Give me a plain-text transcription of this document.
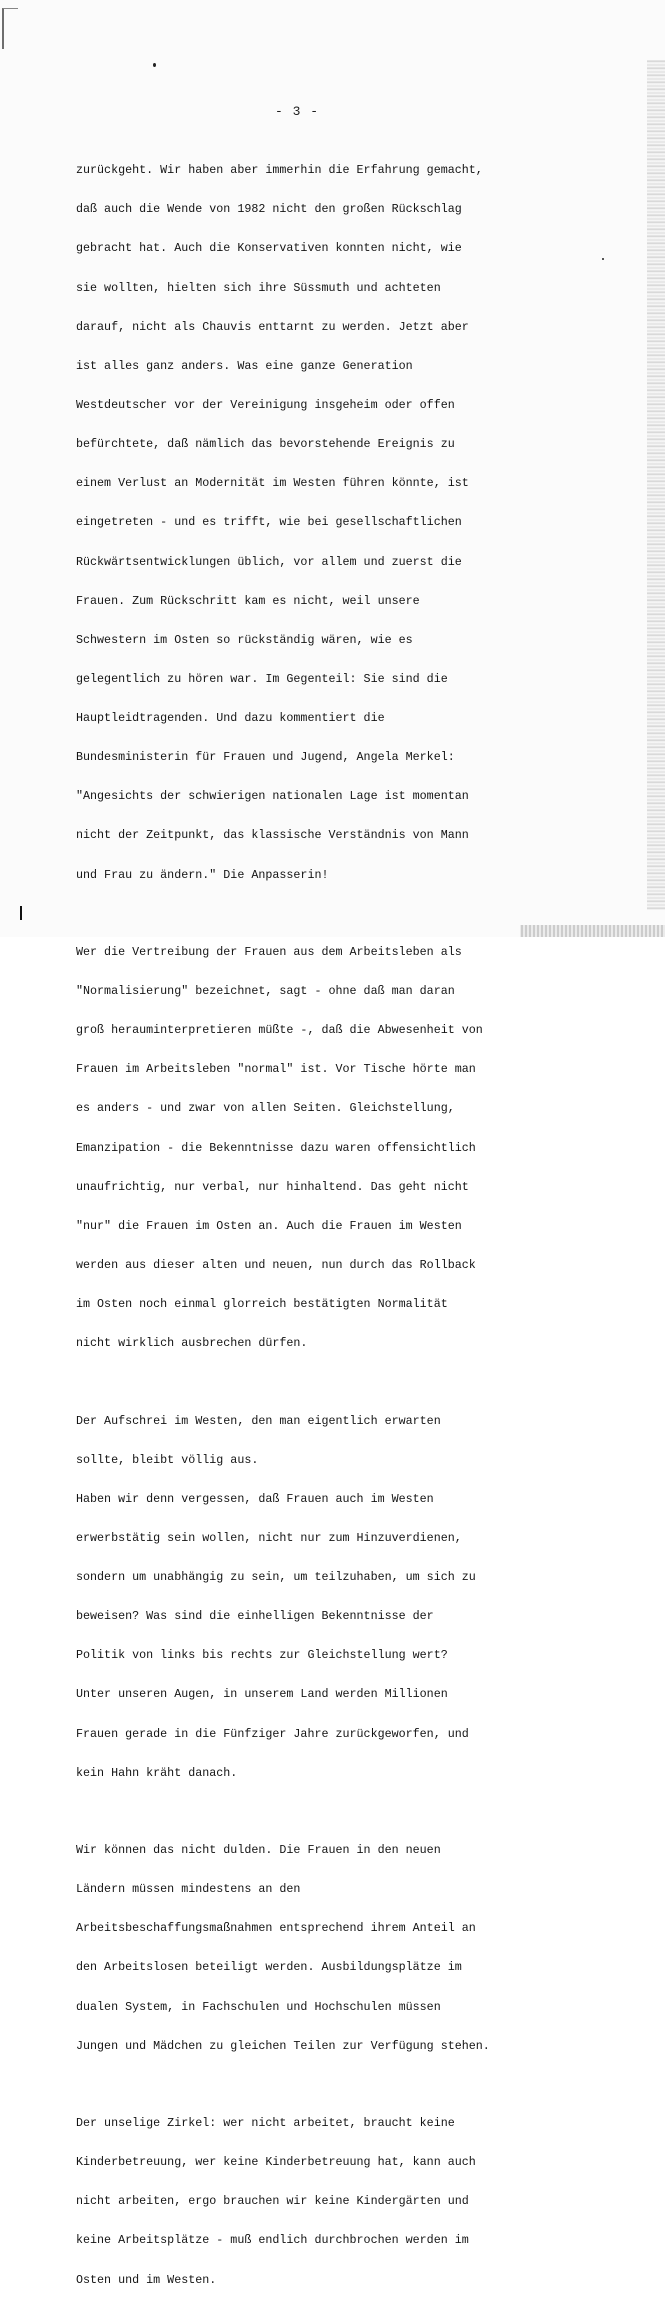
- 3 -

zurückgeht. Wir haben aber immerhin die Erfahrung gemacht,

daß auch die Wende von 1982 nicht den großen Rückschlag

gebracht hat. Auch die Konservativen konnten nicht, wie

sie wollten, hielten sich ihre Süssmuth und achteten

darauf, nicht als Chauvis enttarnt zu werden. Jetzt aber

ist alles ganz anders. Was eine ganze Generation

Westdeutscher vor der Vereinigung insgeheim oder offen

befürchtete, daß nämlich das bevorstehende Ereignis zu

einem Verlust an Modernität im Westen führen könnte, ist

eingetreten - und es trifft, wie bei gesellschaftlichen

Rückwärtsentwicklungen üblich, vor allem und zuerst die

Frauen. Zum Rückschritt kam es nicht, weil unsere

Schwestern im Osten so rückständig wären, wie es

gelegentlich zu hören war. Im Gegenteil: Sie sind die

Hauptleidtragenden. Und dazu kommentiert die

Bundesministerin für Frauen und Jugend, Angela Merkel:

"Angesichts der schwierigen nationalen Lage ist momentan

nicht der Zeitpunkt, das klassische Verständnis von Mann

und Frau zu ändern." Die Anpasserin!

Wer die Vertreibung der Frauen aus dem Arbeitsleben als

"Normalisierung" bezeichnet, sagt - ohne daß man daran

groß herauminterpretieren müßte -, daß die Abwesenheit von

Frauen im Arbeitsleben "normal" ist. Vor Tische hörte man

es anders - und zwar von allen Seiten. Gleichstellung,

Emanzipation - die Bekenntnisse dazu waren offensichtlich

unaufrichtig, nur verbal, nur hinhaltend. Das geht nicht

"nur" die Frauen im Osten an. Auch die Frauen im Westen

werden aus dieser alten und neuen, nun durch das Rollback

im Osten noch einmal glorreich bestätigten Normalität

nicht wirklich ausbrechen dürfen.

Der Aufschrei im Westen, den man eigentlich erwarten

sollte, bleibt völlig aus.

Haben wir denn vergessen, daß Frauen auch im Westen

erwerbstätig sein wollen, nicht nur zum Hinzuverdienen,

sondern um unabhängig zu sein, um teilzuhaben, um sich zu

beweisen? Was sind die einhelligen Bekenntnisse der

Politik von links bis rechts zur Gleichstellung wert?

Unter unseren Augen, in unserem Land werden Millionen

Frauen gerade in die Fünfziger Jahre zurückgeworfen, und

kein Hahn kräht danach.

Wir können das nicht dulden. Die Frauen in den neuen

Ländern müssen mindestens an den

Arbeitsbeschaffungsmaßnahmen entsprechend ihrem Anteil an

den Arbeitslosen beteiligt werden. Ausbildungsplätze im

dualen System, in Fachschulen und Hochschulen müssen

Jungen und Mädchen zu gleichen Teilen zur Verfügung stehen.

Der unselige Zirkel: wer nicht arbeitet, braucht keine

Kinderbetreuung, wer keine Kinderbetreuung hat, kann auch

nicht arbeiten, ergo brauchen wir keine Kindergärten und

keine Arbeitsplätze - muß endlich durchbrochen werden im

Osten und im Westen.
